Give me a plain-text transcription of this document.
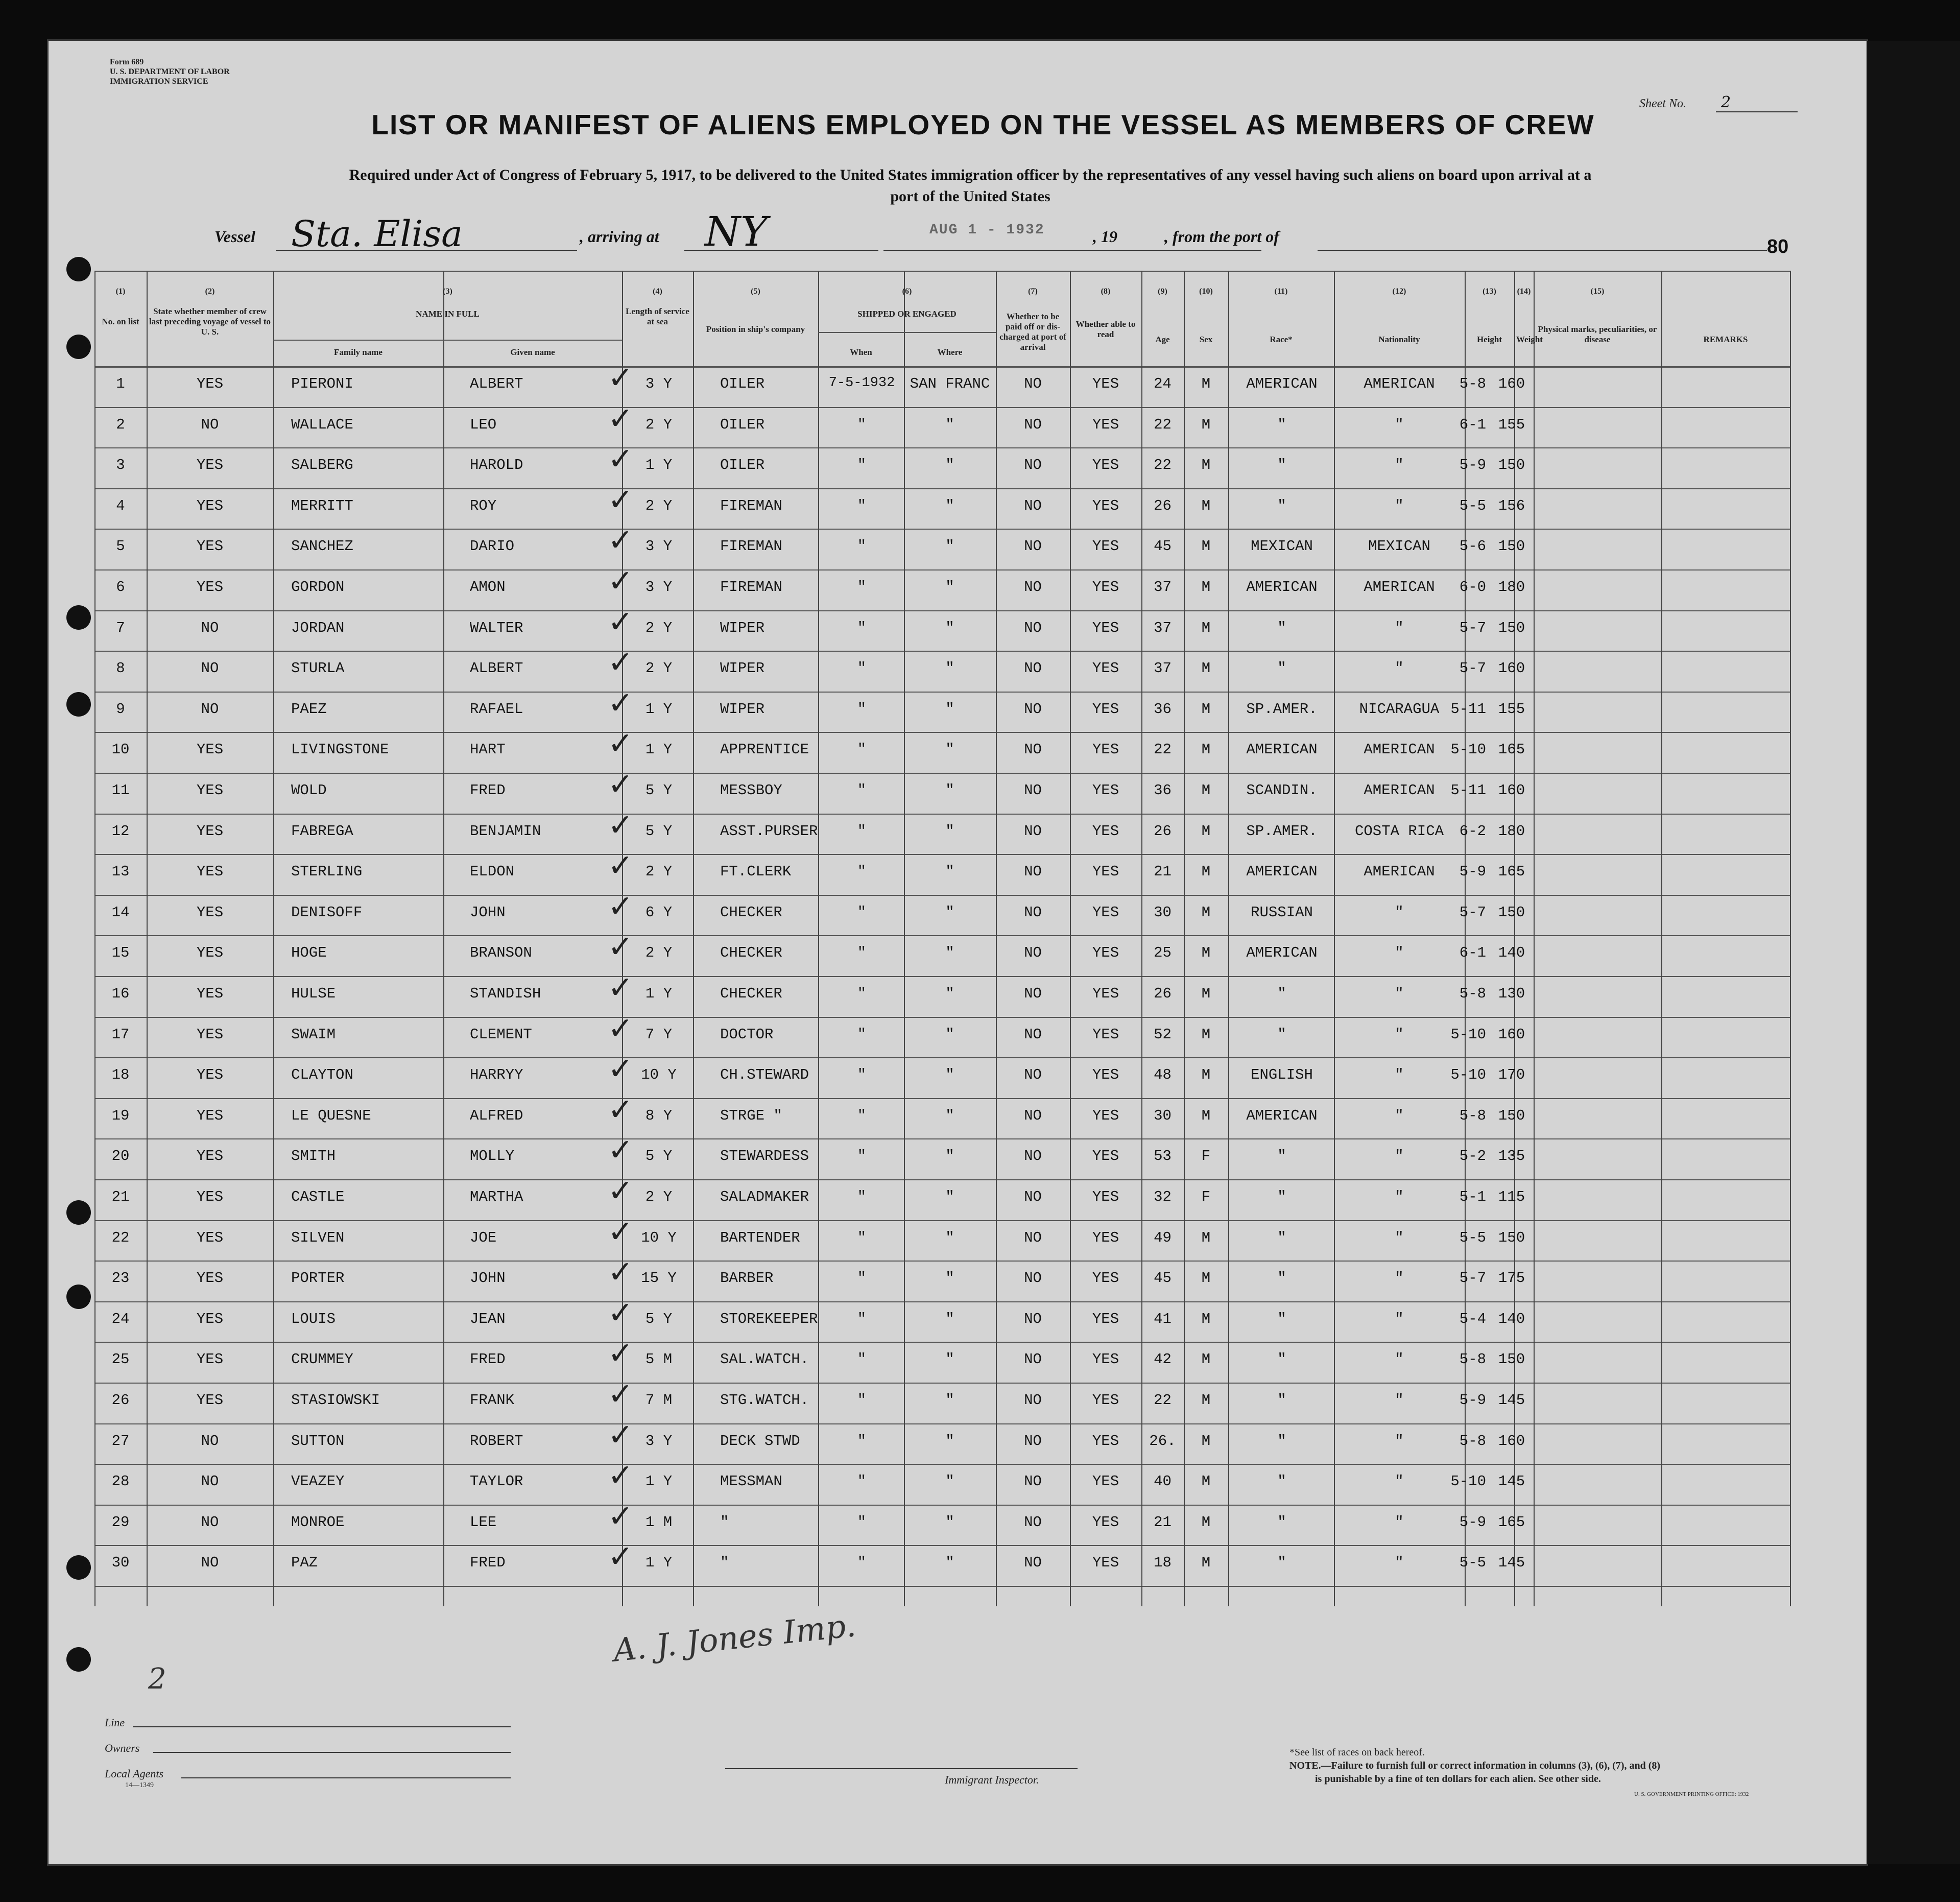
Form 689
U. S. DEPARTMENT OF LABOR
IMMIGRATION SERVICE
Sheet No.	2
LIST OR MANIFEST OF ALIENS EMPLOYED ON THE VESSEL AS MEMBERS OF CREW
Required under Act of Congress of February 5, 1917, to be delivered to the United States immigration officer by the representatives of any vessel having such aliens on board upon arrival at a
port of the United States
Vessel Sta. Elisa	, arriving at NY	AUG 1 - 1932	, 19	, from the port of	80
(1)
No. on list
(2)
State whether member of crew last preceding voyage of vessel to U. S.
(3)
NAME IN FULL
(4)
Length of service at sea
(5)
Position in ship's company
(6)
SHIPPED OR ENGAGED
(7)
Whether to be paid off or dis-charged at port of arrival
(8)
Whether able to read
(9)
Age
(10)
Sex
(11)
Race*
(12)
Nationality
(13)
Height
(14)
Weight
(15)
Physical marks, peculiarities, or disease	REMARKS
Family name	Given name	When	Where
1	YES	PIERONI	ALBERT	3 Y	OILER	7-5-1932	SAN FRANC	NO	YES	24	M	AMERICAN	AMERICAN	5-8 160
✓
2	NO	WALLACE	LEO	2 Y	OILER	"	"	NO	YES	22	M	"	"	6-1 155
✓
3	YES	SALBERG	HAROLD	1 Y	OILER	"	"	NO	YES	22	M	"	"	5-9 150
✓
4	YES	MERRITT	ROY	2 Y	FIREMAN	"	"	NO	YES	26	M	"	"	5-5 156
✓
5	YES	SANCHEZ	DARIO	3 Y	FIREMAN	"	"	NO	YES	45	M	MEXICAN	MEXICAN	5-6 150
✓
6	YES	GORDON	AMON	3 Y	FIREMAN	"	"	NO	YES	37	M	AMERICAN	AMERICAN	6-0 180
✓
7	NO	JORDAN	WALTER	2 Y	WIPER	"	"	NO	YES	37	M	"	"	5-7 150
✓
8	NO	STURLA	ALBERT	2 Y	WIPER	"	"	NO	YES	37	M	"	"	5-7 160
✓
9	NO	PAEZ	RAFAEL	1 Y	WIPER	"	"	NO	YES	36	M	SP.AMER.	NICARAGUA 5-11 155
✓
10	YES	LIVINGSTONE	HART	1 Y	APPRENTICE	"	"	NO	YES	22	M	AMERICAN	AMERICAN	5-10 165
✓
11	YES	WOLD	FRED	5 Y	MESSBOY	"	"	NO	YES	36	M	SCANDIN.	AMERICAN	5-11 160
✓
12	YES	FABREGA	BENJAMIN	5 Y	ASST.PURSER	"	"	NO	YES	26	M	SP.AMER.	COSTA RICA	6-2 180
✓
13	YES	STERLING	ELDON	2 Y	FT.CLERK	"	"	NO	YES	21	M	AMERICAN	AMERICAN	5-9 165
✓
14	YES	DENISOFF	JOHN	6 Y	CHECKER	"	"	NO	YES	30	M	RUSSIAN	"	5-7 150
✓
15	YES	HOGE	BRANSON	2 Y	CHECKER	"	"	NO	YES	25	M	AMERICAN	"	6-1 140
✓
16	YES	HULSE	STANDISH	1 Y	CHECKER	"	"	NO	YES	26	M	"	"	5-8 130
✓
17	YES	SWAIM	CLEMENT	7 Y	DOCTOR	"	"	NO	YES	52	M	"	"	5-10 160
✓
18	YES	CLAYTON	HARRYY	10 Y	CH.STEWARD	"	"	NO	YES	48	M	ENGLISH	"	5-10 170
✓
19	YES	LE QUESNE	ALFRED	8 Y	STRGE "	"	"	NO	YES	30	M	AMERICAN	"	5-8 150
✓
20	YES	SMITH	MOLLY	5 Y	STEWARDESS	"	"	NO	YES	53	F	"	"	5-2 135
✓
21	YES	CASTLE	MARTHA	2 Y	SALADMAKER	"	"	NO	YES	32	F	"	"	5-1 115
✓
22	YES	SILVEN	JOE	10 Y	BARTENDER	"	"	NO	YES	49	M	"	"	5-5 150
✓
23	YES	PORTER	JOHN	15 Y	BARBER	"	"	NO	YES	45	M	"	"	5-7 175
✓
24	YES	LOUIS	JEAN	5 Y	STOREKEEPER	"	"	NO	YES	41	M	"	"	5-4 140
✓
25	YES	CRUMMEY	FRED	5 M	SAL.WATCH.	"	"	NO	YES	42	M	"	"	5-8 150
✓
26	YES	STASIOWSKI	FRANK	7 M	STG.WATCH.	"	"	NO	YES	22	M	"	"	5-9 145
✓
27	NO	SUTTON	ROBERT	3 Y	DECK STWD	"	"	NO	YES	26.	M	"	"	5-8 160
✓
28	NO	VEAZEY	TAYLOR	1 Y	MESSMAN	"	"	NO	YES	40	M	"	"	5-10 145
✓
29	NO	MONROE	LEE	1 M	"	"	"	NO	YES	21	M	"	"	5-9 165
✓
30	NO	PAZ	FRED	1 Y	"	"	"	NO	YES	18	M	"	"	5-5 145
✓
Line
Owners
Local Agents
14—1349	Immigrant Inspector.
A. J. Jones Imp.
2
*See list of races on back hereof.
NOTE.—Failure to furnish full or correct information in columns (3), (6), (7), and (8)
is punishable by a fine of ten dollars for each alien. See other side.
U. S. GOVERNMENT PRINTING OFFICE: 1932
